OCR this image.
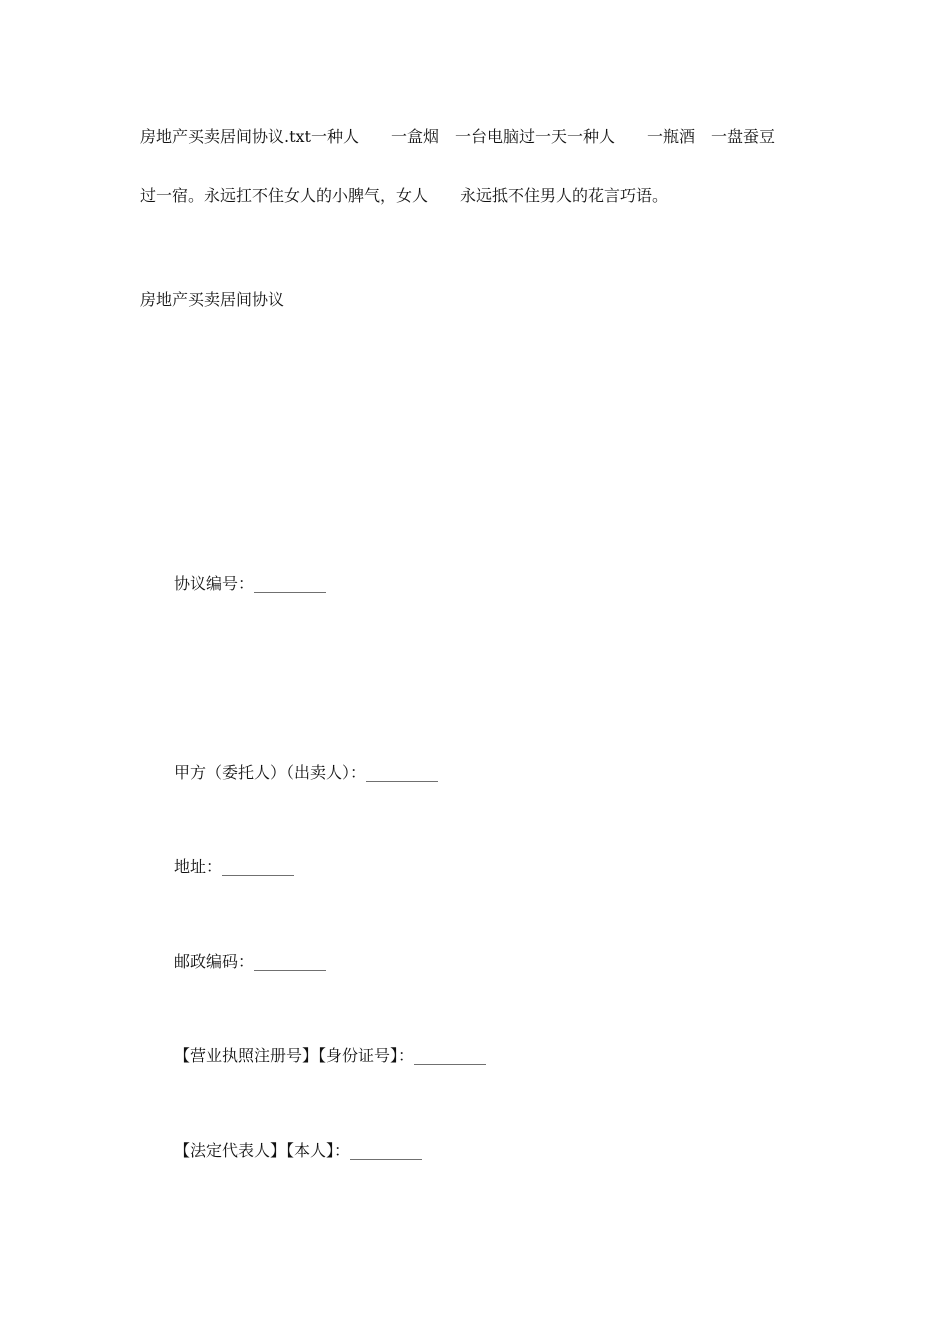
房地产买卖居间协议.txt一种人　　一盒烟　一台电脑过一天一种人　　一瓶酒　一盘蚕豆

过一宿。永远扛不住女人的小脾气，女人　　永远抵不住男人的花言巧语。

房地产买卖居间协议

协议编号：_________

甲方（委托人）（出卖人）：_________

地址：_________

邮政编码：_________

【营业执照注册号】【身份证号】：_________

【法定代表人】【本人】：_________
